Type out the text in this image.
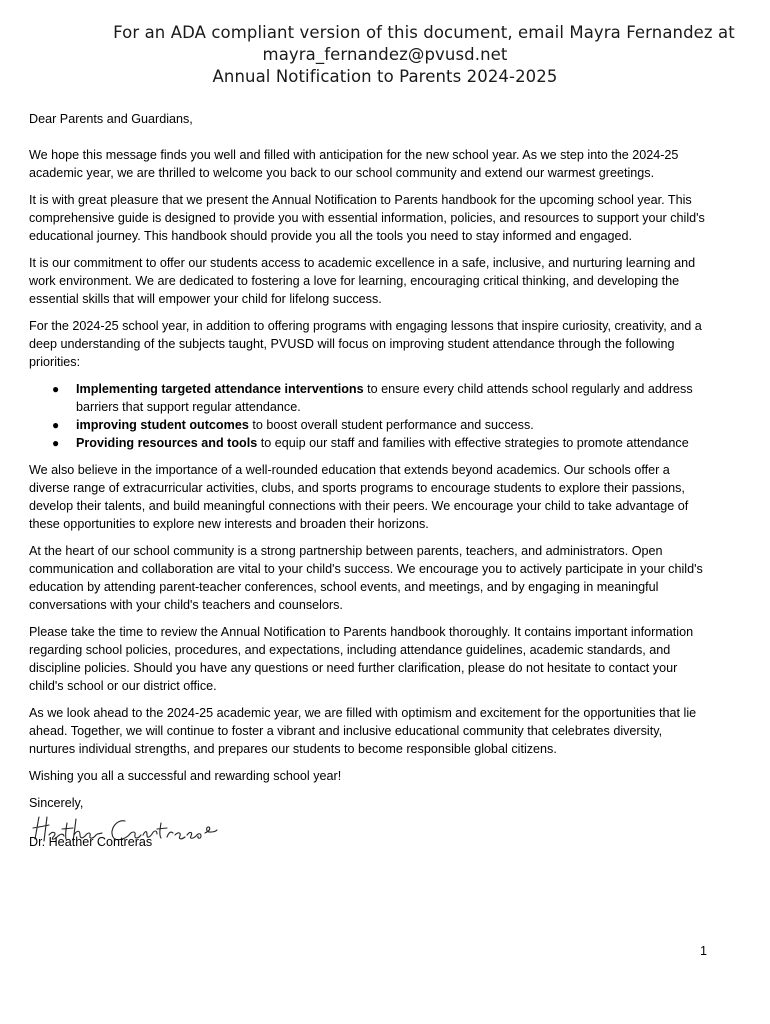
For an ADA compliant version of this document, email Mayra Fernandez at
mayra_fernandez@pvusd.net
Annual Notification to Parents 2024-2025

Dear Parents and Guardians,

We hope this message finds you well and filled with anticipation for the new school year. As we step into the 2024-25 academic year, we are thrilled to welcome you back to our school community and extend our warmest greetings.

It is with great pleasure that we present the Annual Notification to Parents handbook for the upcoming school year. This comprehensive guide is designed to provide you with essential information, policies, and resources to support your child's educational journey. This handbook should provide you all the tools you need to stay informed and engaged.

It is our commitment to offer our students access to academic excellence in a safe, inclusive, and nurturing learning and work environment. We are dedicated to fostering a love for learning, encouraging critical thinking, and developing the essential skills that will empower your child for lifelong success.

For the 2024-25 school year, in addition to offering programs with engaging lessons that inspire curiosity, creativity, and a deep understanding of the subjects taught, PVUSD will focus on improving student attendance through the following priorities:

● Implementing targeted attendance interventions to ensure every child attends school regularly and address barriers that support regular attendance.
● improving student outcomes to boost overall student performance and success.
● Providing resources and tools to equip our staff and families with effective strategies to promote attendance

We also believe in the importance of a well-rounded education that extends beyond academics. Our schools offer a diverse range of extracurricular activities, clubs, and sports programs to encourage students to explore their passions, develop their talents, and build meaningful connections with their peers. We encourage your child to take advantage of these opportunities to explore new interests and broaden their horizons.

At the heart of our school community is a strong partnership between parents, teachers, and administrators. Open communication and collaboration are vital to your child's success. We encourage you to actively participate in your child's education by attending parent-teacher conferences, school events, and meetings, and by engaging in meaningful conversations with your child's teachers and counselors.

Please take the time to review the Annual Notification to Parents handbook thoroughly. It contains important information regarding school policies, procedures, and expectations, including attendance guidelines, academic standards, and discipline policies. Should you have any questions or need further clarification, please do not hesitate to contact your child's school or our district office.

As we look ahead to the 2024-25 academic year, we are filled with optimism and excitement for the opportunities that lie ahead. Together, we will continue to foster a vibrant and inclusive educational community that celebrates diversity, nurtures individual strengths, and prepares our students to become responsible global citizens.

Wishing you all a successful and rewarding school year!

Sincerely,

Dr. Heather Contreras
1
